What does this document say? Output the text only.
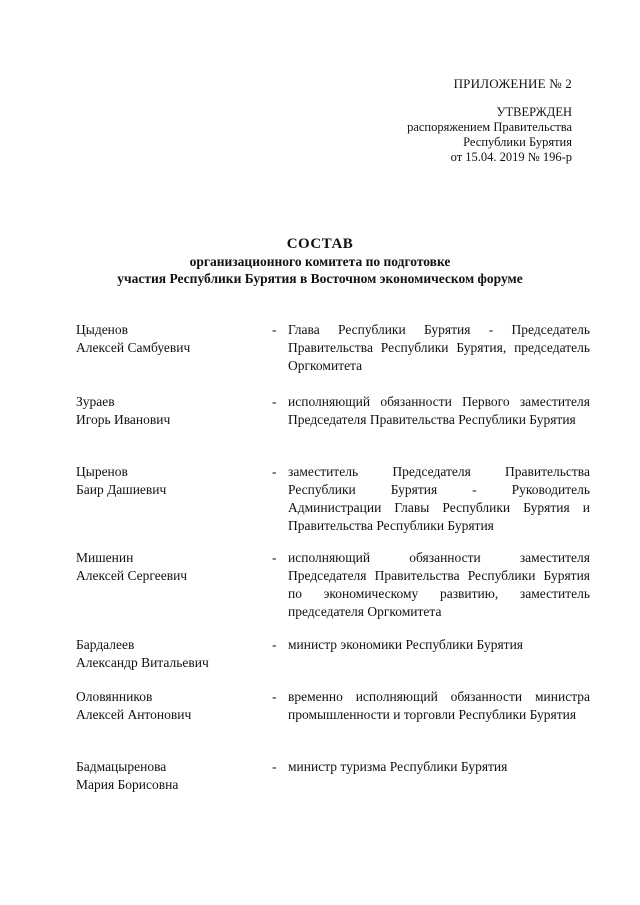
ПРИЛОЖЕНИЕ № 2
УТВЕРЖДЕН
распоряжением Правительства
Республики Бурятия
от 15.04. 2019 № 196-р
СОСТАВ
организационного комитета по подготовке
участия Республики Бурятия в Восточном экономическом форуме
Цыденов
Алексей Самбуевич
- Глава Республики Бурятия - Председатель Правительства Республики Бурятия, председатель Оргкомитета
Зураев
Игорь Иванович
- исполняющий обязанности Первого заместителя Председателя Правительства Республики Бурятия
Цыренов
Баир Дашиевич
- заместитель Председателя Правительства Республики Бурятия - Руководитель Администрации Главы Республики Бурятия и Правительства Республики Бурятия
Мишенин
Алексей Сергеевич
- исполняющий обязанности заместителя Председателя Правительства Республики Бурятия по экономическому развитию, заместитель председателя Оргкомитета
Бардалеев
Александр Витальевич
- министр экономики Республики Бурятия
Оловянников
Алексей Антонович
- временно исполняющий обязанности министра промышленности и торговли Республики Бурятия
Бадмацыренова
Мария Борисовна
- министр туризма Республики Бурятия
